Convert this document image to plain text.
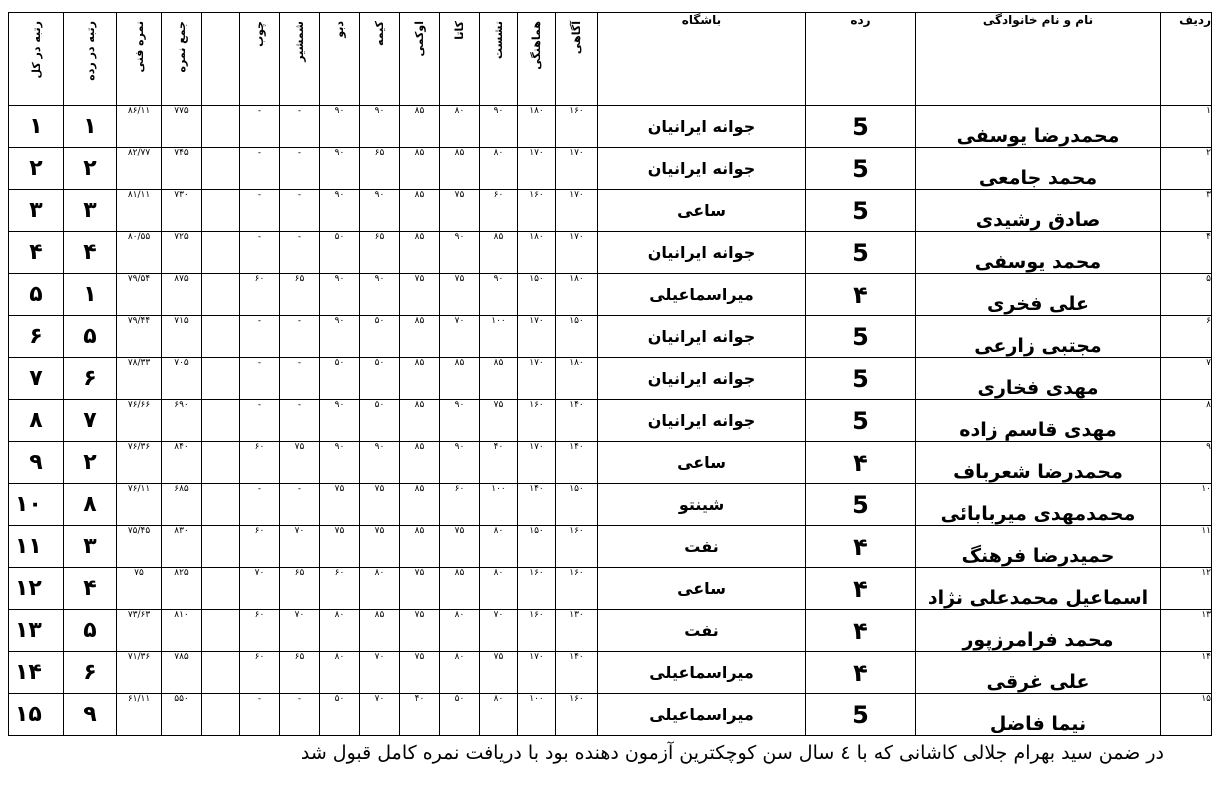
رتبه در کل	رتبه در رده	نمره فنی	جمع نمره		چوب	شمشیر	دبو	کیمه	اوکمی	کاتا	نشست	هماهنگی	آگاهی	باشگاه	رده	نام و نام خانوادگی	ردیف
۱	۱	۸۶/۱۱	۷۷۵		-	-	۹۰	۹۰	۸۵	۸۰	۹۰	۱۸۰	۱۶۰	جوانه ایرانیان	5	محمدرضا یوسفی	۱
۲	۲	۸۲/۷۷	۷۴۵		-	-	۹۰	۶۵	۸۵	۸۵	۸۰	۱۷۰	۱۷۰	جوانه ایرانیان	5	محمد جامعی	۲
۳	۳	۸۱/۱۱	۷۳۰		-	-	۹۰	۹۰	۸۵	۷۵	۶۰	۱۶۰	۱۷۰	ساعی	5	صادق رشیدی	۳
۴	۴	۸۰/۵۵	۷۲۵		-	-	۵۰	۶۵	۸۵	۹۰	۸۵	۱۸۰	۱۷۰	جوانه ایرانیان	5	محمد یوسفی	۴
۵	۱	۷۹/۵۴	۸۷۵		۶۰	۶۵	۹۰	۹۰	۷۵	۷۵	۹۰	۱۵۰	۱۸۰	میراسماعیلی	۴	علی فخری	۵
۶	۵	۷۹/۴۴	۷۱۵		-	-	۹۰	۵۰	۸۵	۷۰	۱۰۰	۱۷۰	۱۵۰	جوانه ایرانیان	5	مجتبی زارعی	۶
۷	۶	۷۸/۳۳	۷۰۵		-	-	۵۰	۵۰	۸۵	۸۵	۸۵	۱۷۰	۱۸۰	جوانه ایرانیان	5	مهدی فخاری	۷
۸	۷	۷۶/۶۶	۶۹۰		-	-	۹۰	۵۰	۸۵	۹۰	۷۵	۱۶۰	۱۴۰	جوانه ایرانیان	5	مهدی قاسم زاده	۸
۹	۲	۷۶/۳۶	۸۴۰		۶۰	۷۵	۹۰	۹۰	۸۵	۹۰	۴۰	۱۷۰	۱۴۰	ساعی	۴	محمدرضا شعرباف	۹
۱۰	۸	۷۶/۱۱	۶۸۵		-	-	۷۵	۷۵	۸۵	۶۰	۱۰۰	۱۴۰	۱۵۰	شینتو	5	محمدمهدی میربابائی	۱۰
۱۱	۳	۷۵/۴۵	۸۳۰		۶۰	۷۰	۷۵	۷۵	۸۵	۷۵	۸۰	۱۵۰	۱۶۰	نفت	۴	حمیدرضا فرهنگ	۱۱
۱۲	۴	۷۵	۸۲۵		۷۰	۶۵	۶۰	۸۰	۷۵	۸۵	۸۰	۱۶۰	۱۶۰	ساعی	۴	اسماعیل محمدعلی نژاد	۱۲
۱۳	۵	۷۳/۶۳	۸۱۰		۶۰	۷۰	۸۰	۸۵	۷۵	۸۰	۷۰	۱۶۰	۱۳۰	نفت	۴	محمد فرامرزپور	۱۳
۱۴	۶	۷۱/۳۶	۷۸۵		۶۰	۶۵	۸۰	۷۰	۷۵	۸۰	۷۵	۱۷۰	۱۴۰	میراسماعیلی	۴	علی غرقی	۱۴
۱۵	۹	۶۱/۱۱	۵۵۰		-	-	۵۰	۷۰	۴۰	۵۰	۸۰	۱۰۰	۱۶۰	میراسماعیلی	5	نیما فاضل	۱۵
در ضمن سید بهرام جلالی کاشانی که با ٤ سال سن کوچکترین آزمون دهنده بود با دریافت نمره کامل قبول شد
